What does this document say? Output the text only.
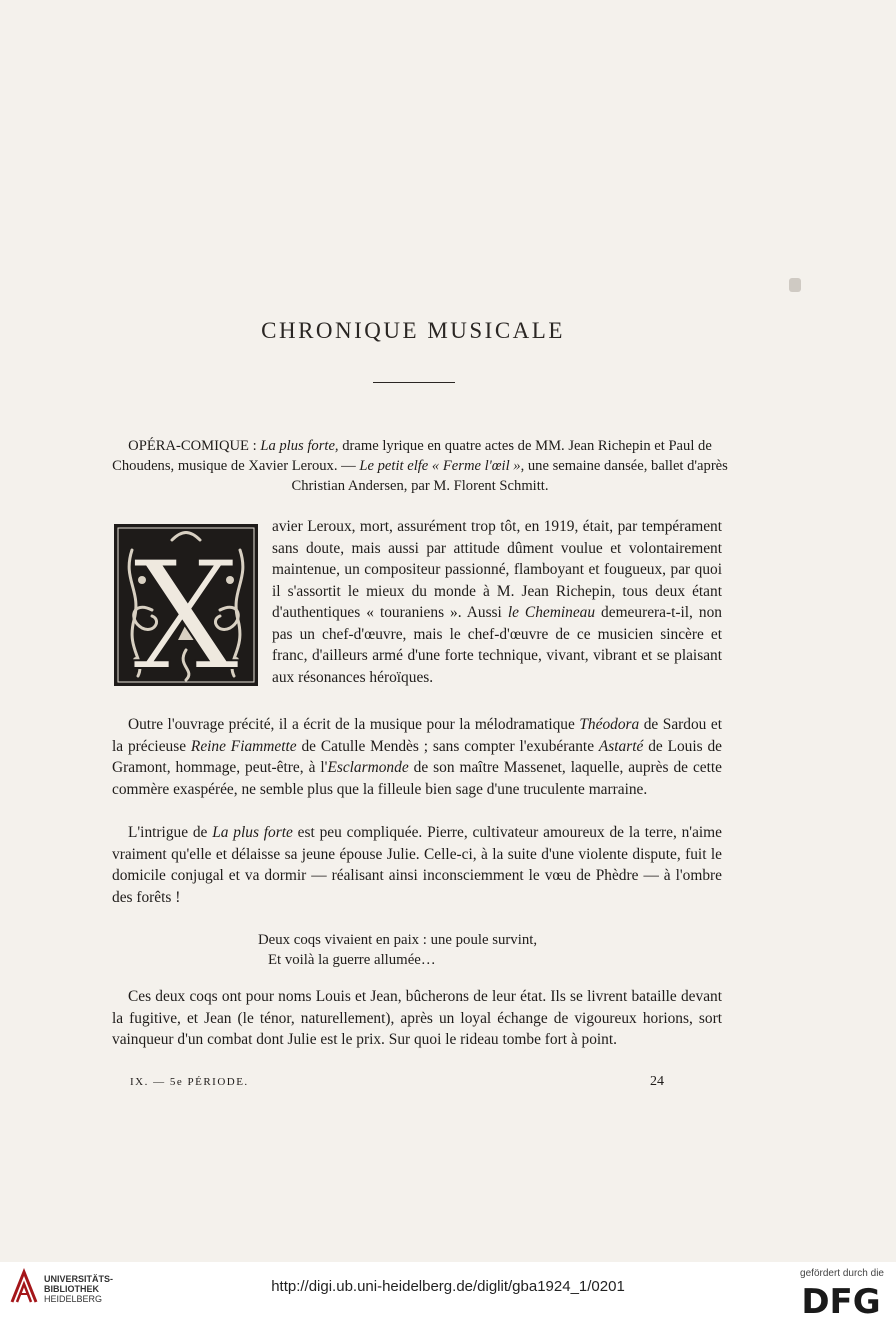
CHRONIQUE MUSICALE
OPÉRA-COMIQUE : La plus forte, drame lyrique en quatre actes de MM. Jean Richepin et Paul de Choudens, musique de Xavier Leroux. — Le petit elfe « Ferme l'œil », une semaine dansée, ballet d'après Christian Andersen, par M. Florent Schmitt.
X

avier Leroux, mort, assurément trop tôt, en 1919, était, par tempérament sans doute, mais aussi par attitude dûment voulue et volontairement maintenue, un compositeur passionné, flamboyant et fougueux, par quoi il s'assortit le mieux du monde à M. Jean Richepin, tous deux étant d'authentiques « touraniens ». Aussi le Chemineau demeurera-t-il, non pas un chef-d'œuvre, mais le chef-d'œuvre de ce musicien sincère et franc, d'ailleurs armé d'une forte technique, vivant, vibrant et se plaisant aux résonances héroïques.

Outre l'ouvrage précité, il a écrit de la musique pour la mélodramatique Théodora de Sardou et la précieuse Reine Fiammette de Catulle Mendès ; sans compter l'exubérante Astarté de Louis de Gramont, hommage, peut-être, à l'Esclarmonde de son maître Massenet, laquelle, auprès de cette commère exaspérée, ne semble plus que la filleule bien sage d'une truculente marraine.

L'intrigue de La plus forte est peu compliquée. Pierre, cultivateur amoureux de la terre, n'aime vraiment qu'elle et délaisse sa jeune épouse Julie. Celle-ci, à la suite d'une violente dispute, fuit le domicile conjugal et va dormir — réalisant ainsi inconsciemment le vœu de Phèdre — à l'ombre des forêts !

Deux coqs vivaient en paix : une poule survint,
Et voilà la guerre allumée…

Ces deux coqs ont pour noms Louis et Jean, bûcherons de leur état. Ils se livrent bataille devant la fugitive, et Jean (le ténor, naturellement), après un loyal échange de vigoureux horions, sort vainqueur d'un combat dont Julie est le prix. Sur quoi le rideau tombe fort à point.

IX. — 5e PÉRIODE.	24
UNIVERSITÄTS-
BIBLIOTHEK
HEIDELBERG
http://digi.ub.uni-heidelberg.de/diglit/gba1924_1/0201
gefördert durch die
DFG
